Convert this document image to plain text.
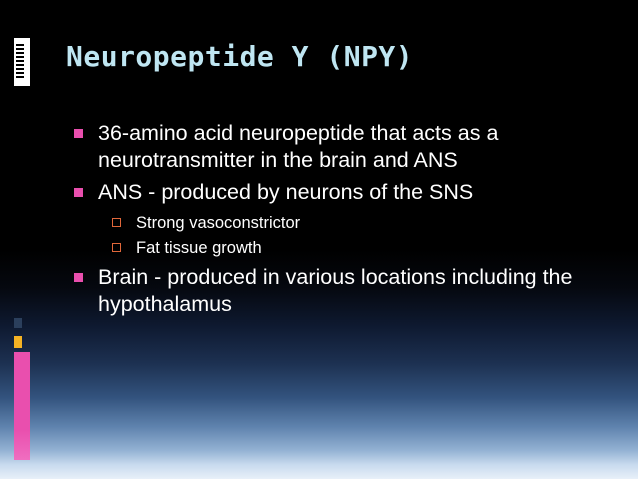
Neuropeptide Y (NPY)
36-amino acid neuropeptide that acts as a neurotransmitter in the brain and ANS
ANS - produced by neurons of the SNS
Strong vasoconstrictor
Fat tissue growth
Brain - produced in various locations including the hypothalamus
